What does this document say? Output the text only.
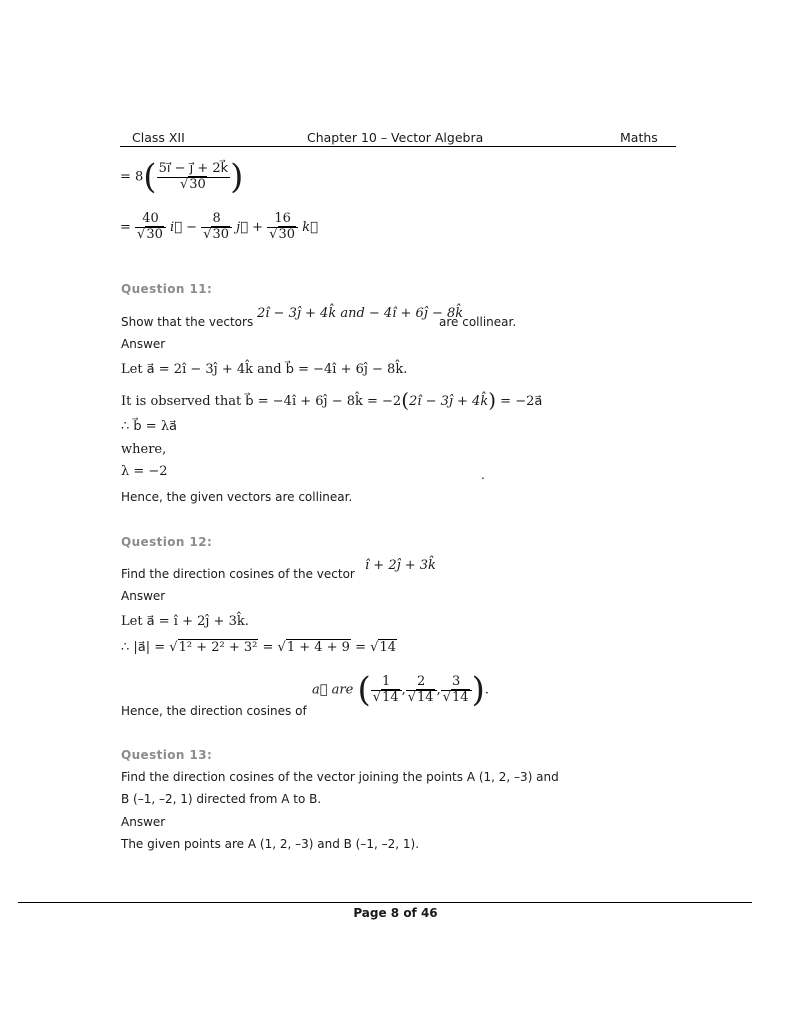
Class XII	Chapter 10 – Vector Algebra	Maths
= $8( \frac{5i⃗ - j⃗ + 2k⃗}{√30}$ )
= $\frac{40}{√30}$ i⃗ − $\frac{8}{√30}$ j⃗ + $\frac{16}{√30}$ k⃗
Question 11:
Show that the vectors
2î − 3ĵ + 4k̂ and − 4î + 6ĵ − 8k̂
are collinear.
Answer
Let a⃗ = 2î − 3ĵ + 4k̂ and b⃗ = −4î + 6ĵ − 8k̂.
It is observed that b⃗ = −4î + 6ĵ − 8k̂ = −2(2î − 3ĵ + 4k̂) = −2a⃗
∴ b⃗ = λa⃗
where,
λ = −2	.
Hence, the given vectors are collinear.
Question 12:
Find the direction cosines of the vector
î + 2ĵ + 3k̂
Answer
Let a⃗ = î + 2ĵ + 3k̂.
∴ |a⃗| = √1² + 2² + 3² = √1 + 4 + 9 = √14
Hence, the direction cosines of
a⃗ are ( $\frac{1}{√14}$ , $\frac{2}{√14}$ , $\frac{3}{√14}$ ).
Question 13:
Find the direction cosines of the vector joining the points A (1, 2, –3) and
B (–1, –2, 1) directed from A to B.
Answer
The given points are A (1, 2, –3) and B (–1, –2, 1).
Page 8 of 46
